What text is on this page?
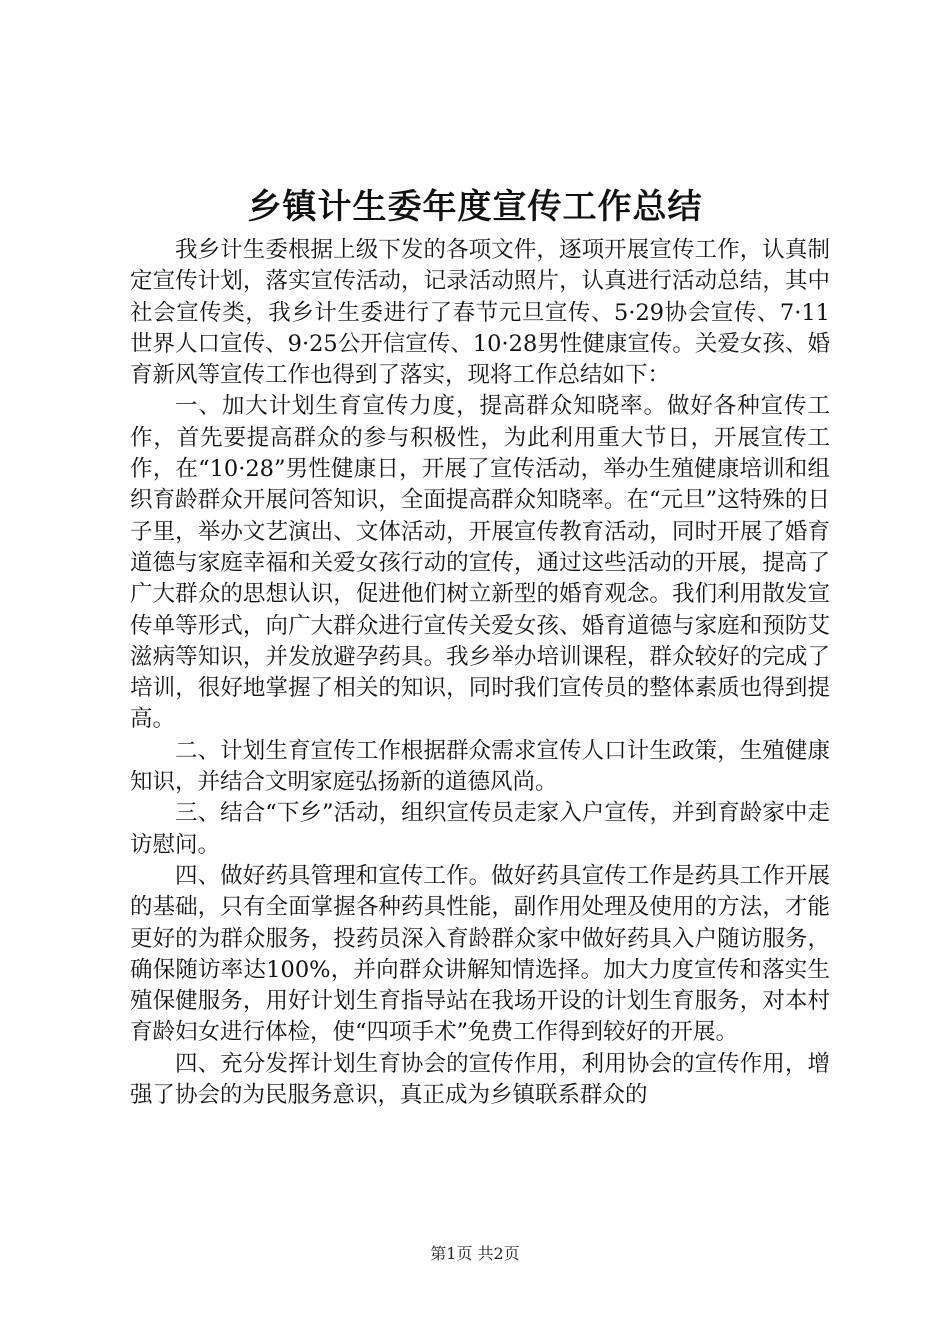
乡镇计生委年度宣传工作总结

我乡计生委根据上级下发的各项文件，逐项开展宣传工作，认真制定宣传计划，落实宣传活动，记录活动照片，认真进行活动总结，其中社会宣传类，我乡计生委进行了春节元旦宣传、5·29协会宣传、7·11世界人口宣传、9·25公开信宣传、10·28男性健康宣传。关爱女孩、婚育新风等宣传工作也得到了落实，现将工作总结如下：

一、加大计划生育宣传力度，提高群众知晓率。做好各种宣传工作，首先要提高群众的参与积极性，为此利用重大节日，开展宣传工作，在“10·28”男性健康日，开展了宣传活动，举办生殖健康培训和组织育龄群众开展问答知识，全面提高群众知晓率。在“元旦”这特殊的日子里，举办文艺演出、文体活动，开展宣传教育活动，同时开展了婚育道德与家庭幸福和关爱女孩行动的宣传，通过这些活动的开展，提高了广大群众的思想认识，促进他们树立新型的婚育观念。我们利用散发宣传单等形式，向广大群众进行宣传关爱女孩、婚育道德与家庭和预防艾滋病等知识，并发放避孕药具。我乡举办培训课程，群众较好的完成了培训，很好地掌握了相关的知识，同时我们宣传员的整体素质也得到提高。

二、计划生育宣传工作根据群众需求宣传人口计生政策，生殖健康知识，并结合文明家庭弘扬新的道德风尚。

三、结合“下乡”活动，组织宣传员走家入户宣传，并到育龄家中走访慰问。

四、做好药具管理和宣传工作。做好药具宣传工作是药具工作开展的基础，只有全面掌握各种药具性能，副作用处理及使用的方法，才能更好的为群众服务，投药员深入育龄群众家中做好药具入户随访服务，确保随访率达100%，并向群众讲解知情选择。加大力度宣传和落实生殖保健服务，用好计划生育指导站在我场开设的计划生育服务，对本村育龄妇女进行体检，使“四项手术”免费工作得到较好的开展。

四、充分发挥计划生育协会的宣传作用，利用协会的宣传作用，增强了协会的为民服务意识，真正成为乡镇联系群众的

第1页 共2页
